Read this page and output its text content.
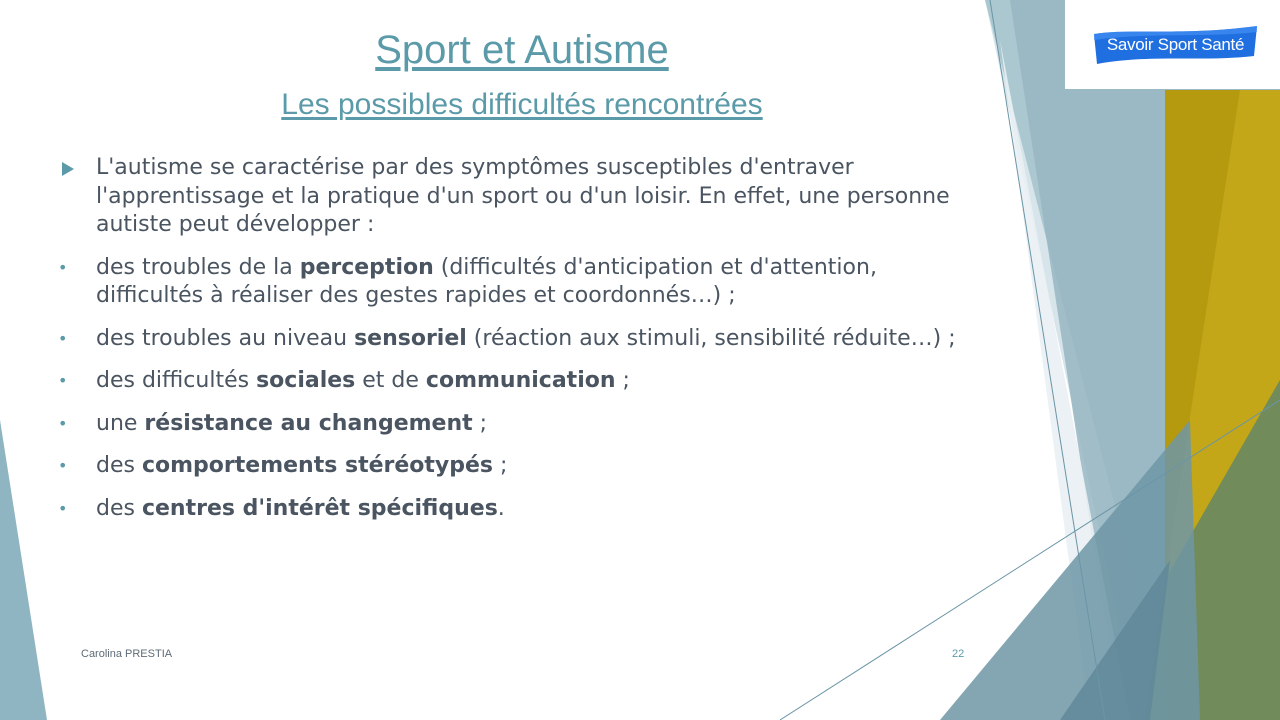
Savoir Sport Santé
Sport et Autisme
Les possibles difficultés rencontrées
L'autisme se caractérise par des symptômes susceptibles d'entraver l'apprentissage et la pratique d'un sport ou d'un loisir. En effet, une personne autiste peut développer :
• des troubles de la perception (difficultés d'anticipation et d'attention, difficultés à réaliser des gestes rapides et coordonnés…) ;
• des troubles au niveau sensoriel (réaction aux stimuli, sensibilité réduite…) ;
• des difficultés sociales et de communication ;
• une résistance au changement ;
• des comportements stéréotypés ;
• des centres d'intérêt spécifiques.
Carolina PRESTIA	22
